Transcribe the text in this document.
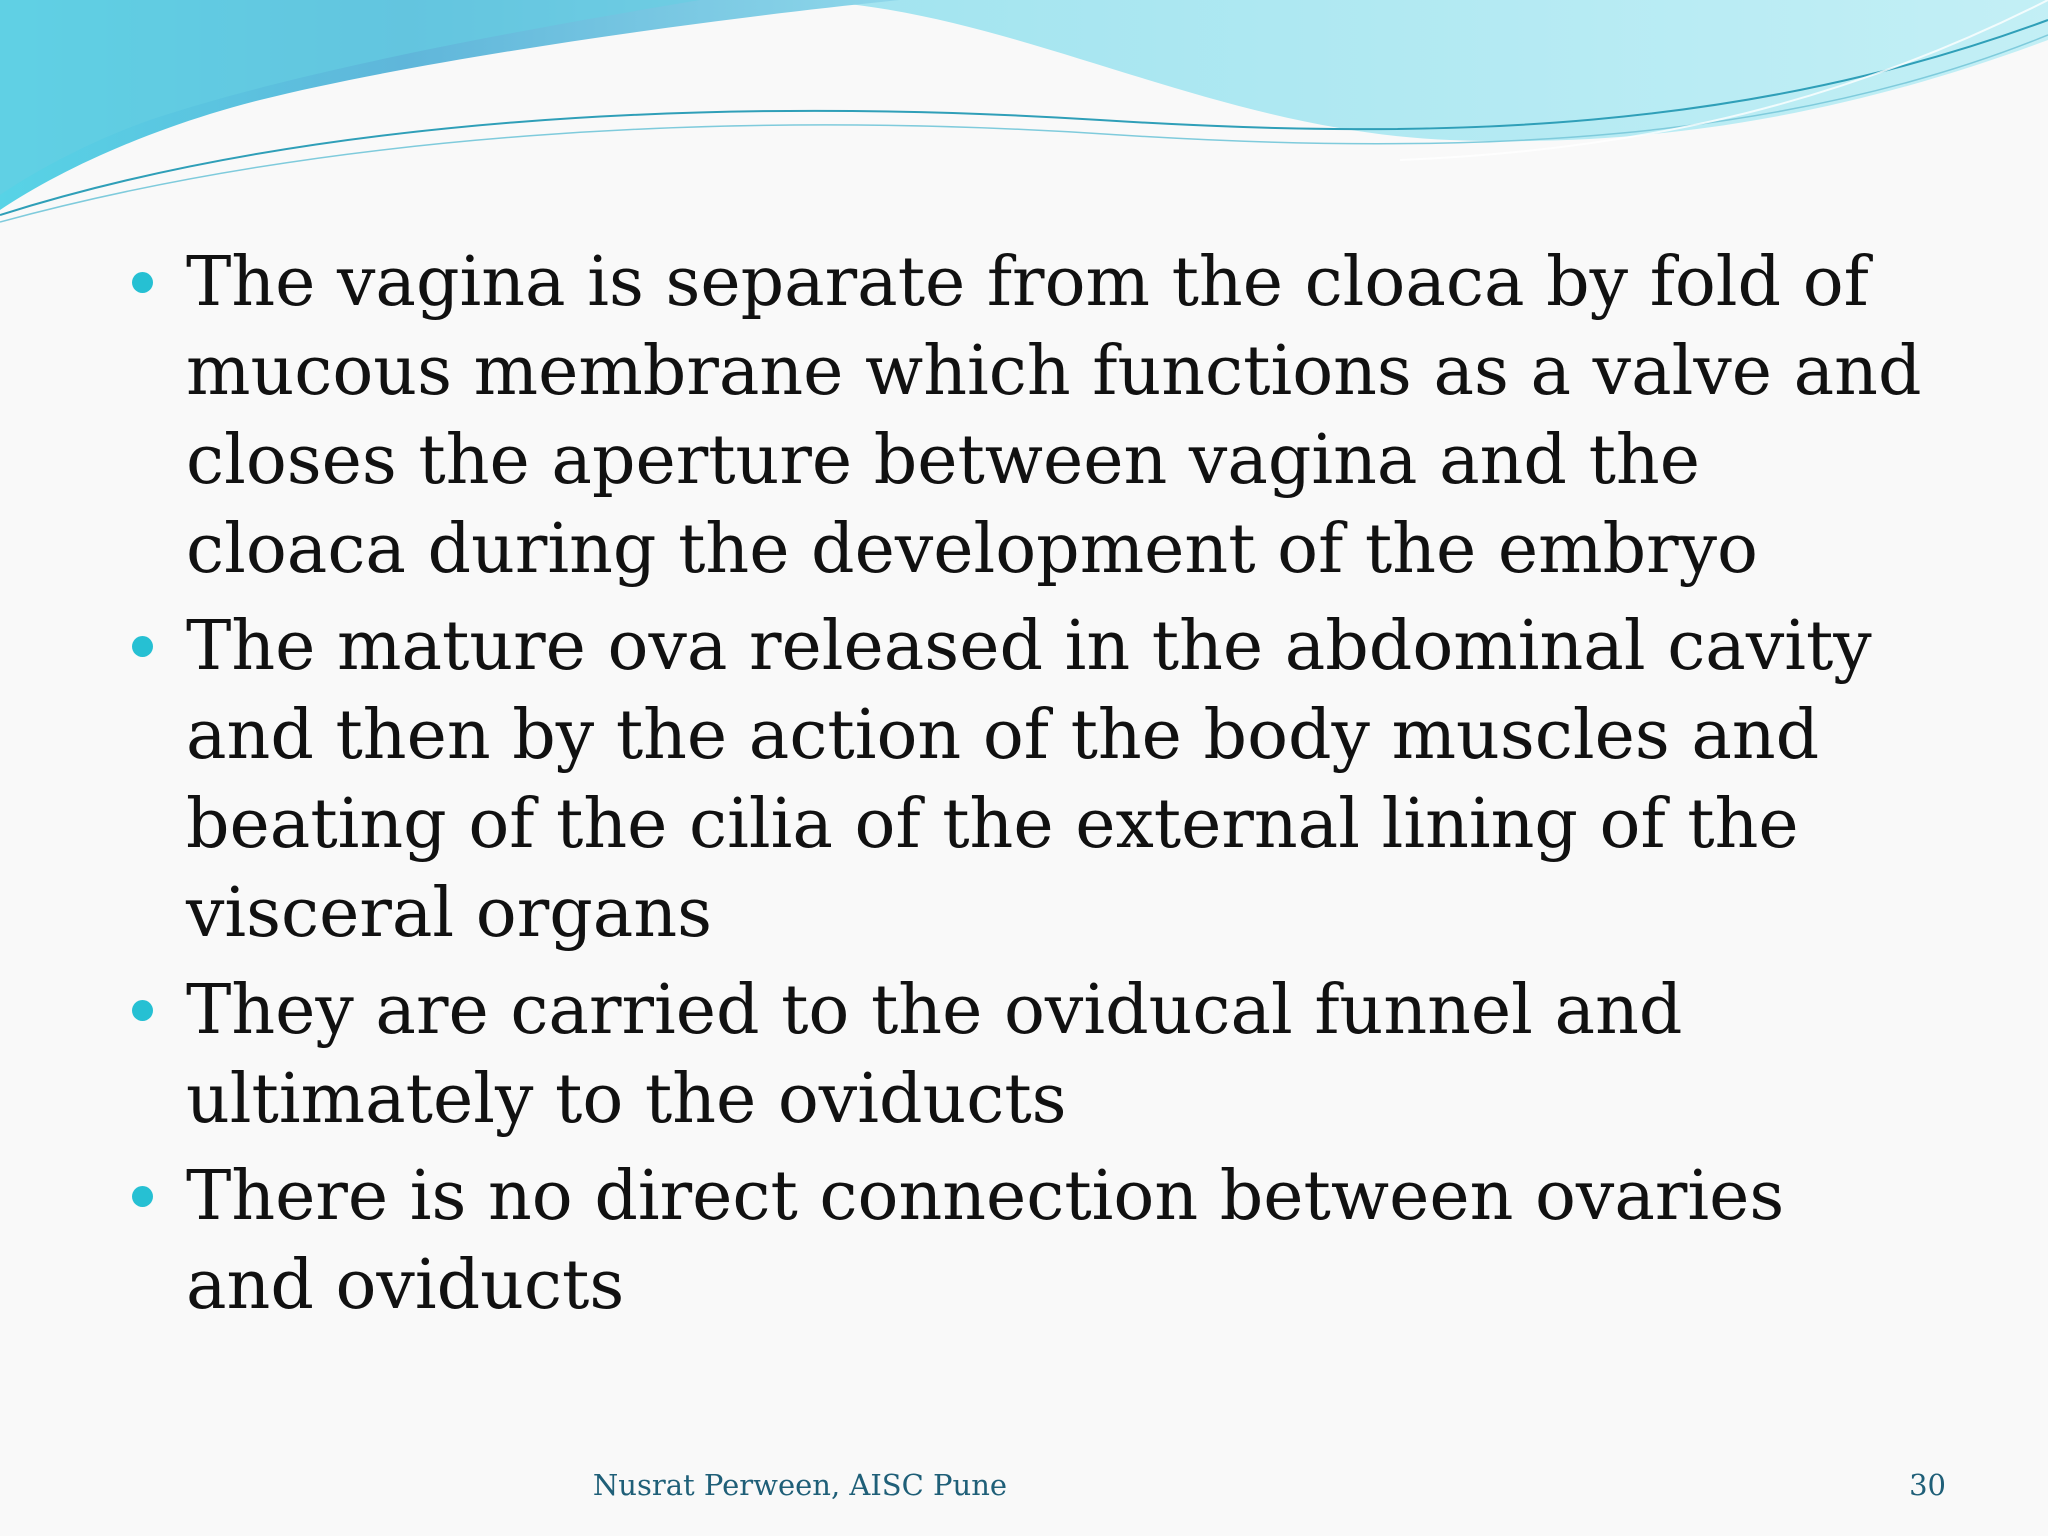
The vagina is separate from the cloaca by fold of mucous membrane which functions as a valve and closes the aperture between vagina and the cloaca during the development of the embryo
The mature ova released in the abdominal cavity and then by the action of the body muscles and beating of the cilia of the external lining of the visceral organs
They are carried to the oviducal funnel and ultimately to the oviducts
There is no direct connection between ovaries and oviducts
Nusrat Perween, AISC Pune	30
